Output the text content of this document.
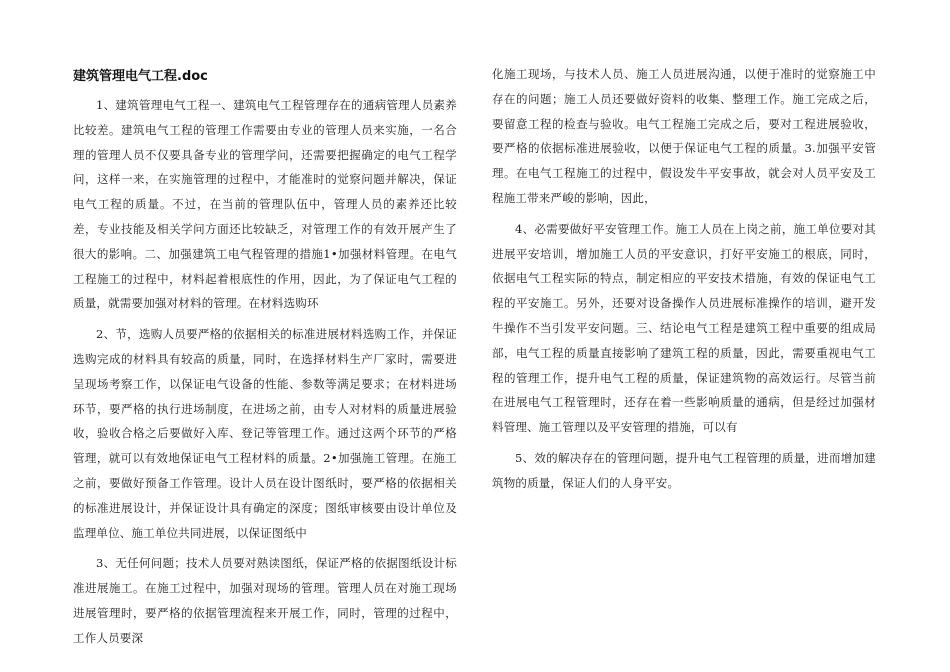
建筑管理电气工程.doc

1、建筑管理电气工程一、建筑电气工程管理存在的通病管理人员素养比较差。建筑电气工程的管理工作需要由专业的管理人员来实施，一名合理的管理人员不仅要具备专业的管理学问，还需要把握确定的电气工程学问，这样一来，在实施管理的过程中，才能准时的觉察问题并解决，保证电气工程的质量。不过，在当前的管理队伍中，管理人员的素养还比较差，专业技能及相关学问方面还比较缺乏，对管理工作的有效开展产生了很大的影响。二、加强建筑工电气程管理的措施1•加强材料管理。在电气工程施工的过程中，材料起着根底性的作用，因此，为了保证电气工程的质量，就需要加强对材料的管理。在材料选购环

2、节，选购人员要严格的依据相关的标准进展材料选购工作，并保证选购完成的材料具有较高的质量，同时，在选择材料生产厂家时，需要进呈现场考察工作，以保证电气设备的性能、参数等满足要求；在材料进场环节，要严格的执行进场制度，在进场之前，由专人对材料的质量进展验收，验收合格之后要做好入库、登记等管理工作。通过这两个环节的严格管理，就可以有效地保证电气工程材料的质量。2•加强施工管理。在施工之前，要做好预备工作管理。设计人员在设计图纸时，要严格的依据相关的标准进展设计，并保证设计具有确定的深度；图纸审核要由设计单位及监理单位、施工单位共同进展，以保证图纸中

3、无任何问题；技术人员要对熟读图纸，保证严格的依据图纸设计标准进展施工。在施工过程中，加强对现场的管理。管理人员在对施工现场进展管理时，要严格的依据管理流程来开展工作，同时，管理的过程中，工作人员要深

化施工现场，与技术人员、施工人员进展沟通，以便于准时的觉察施工中存在的问题；施工人员还要做好资料的收集、整理工作。施工完成之后，要留意工程的检查与验收。电气工程施工完成之后，要对工程进展验收，要严格的依据标准进展验收，以便于保证电气工程的质量。3.加强平安管理。在电气工程施工的过程中，假设发牛平安事故，就会对人员平安及工程施工带来严峻的影响，因此，

4、必需要做好平安管理工作。施工人员在上岗之前，施工单位要对其进展平安培训，增加施工人员的平安意识，打好平安施工的根底，同时，依据电气工程实际的特点，制定相应的平安技术措施，有效的保证电气工程的平安施工。另外，还要对设备操作人员进展标准操作的培训，避开发牛操作不当引发平安问题。三、结论电气工程是建筑工程中重要的组成局部，电气工程的质量直接影响了建筑工程的质量，因此，需要重视电气工程的管理工作，提升电气工程的质量，保证建筑物的高效运行。尽管当前在进展电气工程管理时，还存在着一些影响质量的通病，但是经过加强材料管理、施工管理以及平安管理的措施，可以有

5、效的解决存在的管理问题，提升电气工程管理的质量，进而增加建筑物的质量，保证人们的人身平安。
